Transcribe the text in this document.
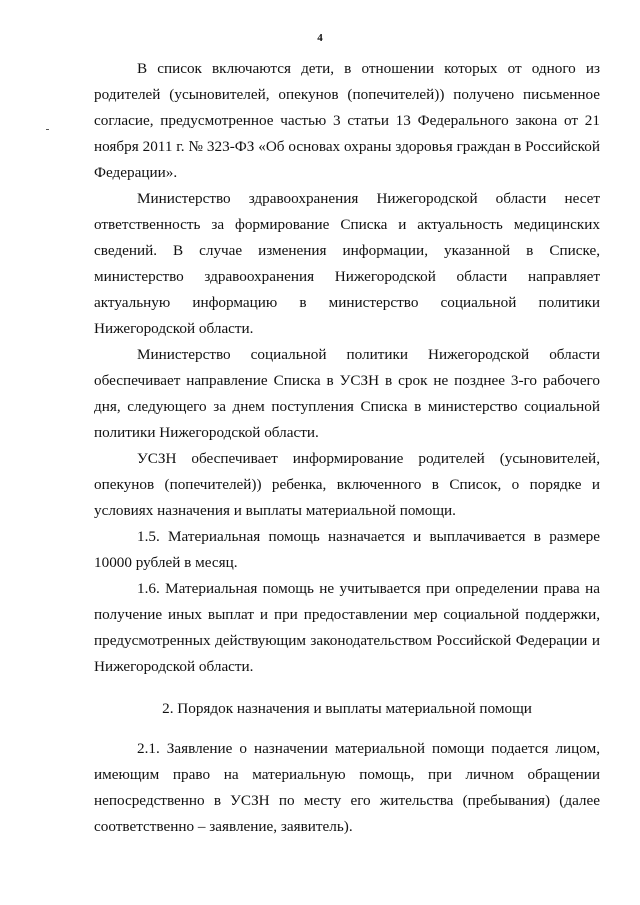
4

В список включаются дети, в отношении которых от одного из родителей (усыновителей, опекунов (попечителей)) получено письменное согласие, предусмотренное частью 3 статьи 13 Федерального закона от 21 ноября 2011 г. № 323-ФЗ «Об основах охраны здоровья граждан в Российской Федерации».

Министерство здравоохранения Нижегородской области несет ответственность за формирование Списка и актуальность медицинских сведений. В случае изменения информации, указанной в Списке, министерство здравоохранения Нижегородской области направляет актуальную информацию в министерство социальной политики Нижегородской области.

Министерство социальной политики Нижегородской области обеспечивает направление Списка в УСЗН в срок не позднее 3-го рабочего дня, следующего за днем поступления Списка в министерство социальной политики Нижегородской области.

УСЗН обеспечивает информирование родителей (усыновителей, опекунов (попечителей)) ребенка, включенного в Список, о порядке и условиях назначения и выплаты материальной помощи.

1.5. Материальная помощь назначается и выплачивается в размере 10000 рублей в месяц.

1.6. Материальная помощь не учитывается при определении права на получение иных выплат и при предоставлении мер социальной поддержки, предусмотренных действующим законодательством Российской Федерации и Нижегородской области.

2. Порядок назначения и выплаты материальной помощи

2.1. Заявление о назначении материальной помощи подается лицом, имеющим право на материальную помощь, при личном обращении непосредственно в УСЗН по месту его жительства (пребывания) (далее соответственно – заявление, заявитель).
